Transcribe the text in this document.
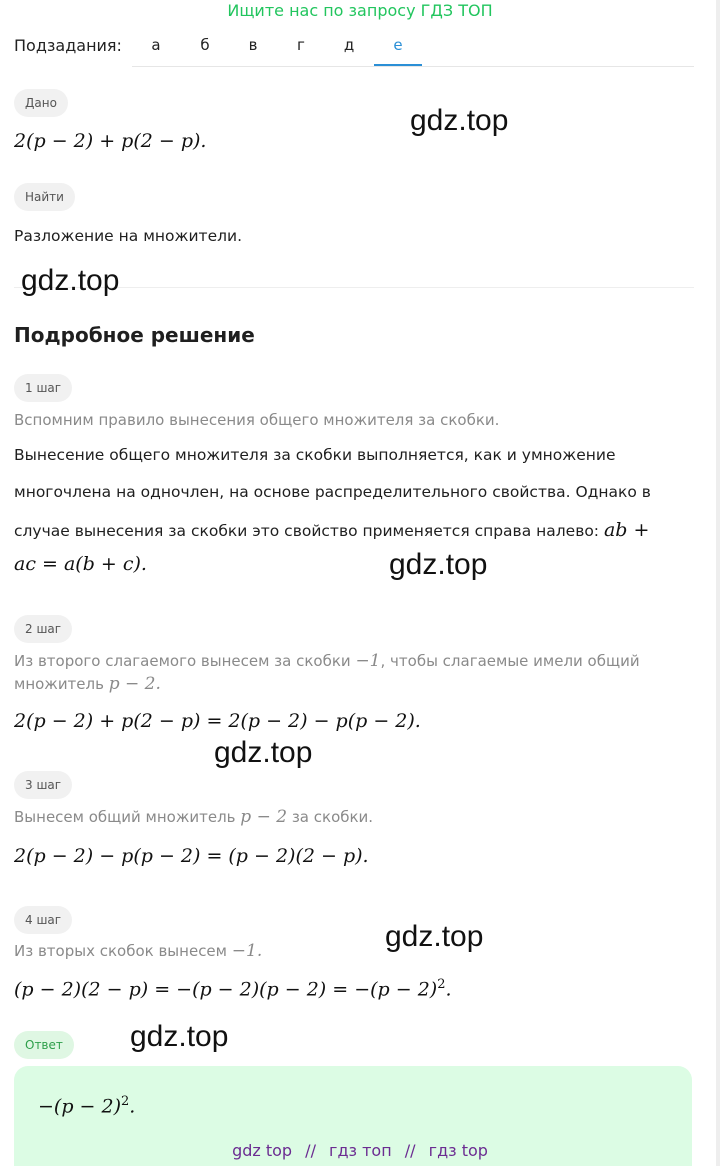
Ищите нас по запросу ГДЗ ТОП
Подзадания:	а	б	в	г	д	е
Дано
2(p − 2) + p(2 − p).
Найти
Разложение на множители.
Подробное решение
1 шаг
Вспомним правило вынесения общего множителя за скобки.
Вынесение общего множителя за скобки выполняется, как и умножение
многочлена на одночлен, на основе распределительного свойства. Однако в
случае вынесения за скобки это свойство применяется справа налево: ab +
ac = a(b + c).
2 шаг
Из второго слагаемого вынесем за скобки −1, чтобы слагаемые имели общий
множитель p − 2.
2(p − 2) + p(2 − p) = 2(p − 2) − p(p − 2).
3 шаг
Вынесем общий множитель p − 2 за скобки.
2(p − 2) − p(p − 2) = (p − 2)(2 − p).
4 шаг
Из вторых скобок вынесем −1.
$(p - 2)(2 - p) = -(p - 2)(p - 2) = -(p - 2)^2$.
Ответ
$-(p - 2)^2$.
gdz.top
gdz.top
gdz.top
gdz.top
gdz.top
gdz.top
gdz top // гдз топ // гдз top
